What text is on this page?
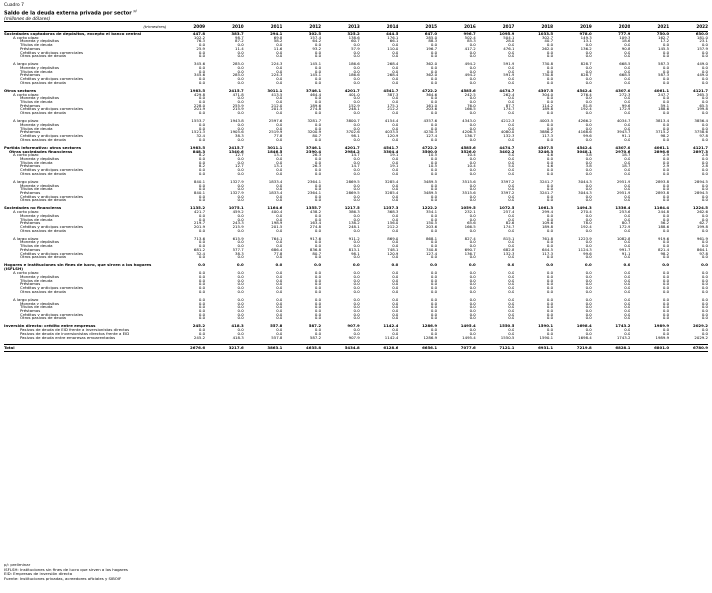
Cuadro 7
Saldo de la deuda externa privada por sector $^{p/}$
(millones de dólares)
(trimestres)	2009	2010	2011	2012	2013	2014	2015	2016	2017	2018	2019	2020	2021	2022
Sociedades captadoras de depósitos, excepto el banco central	447.8	383.7	294.1	302.5	325.2	444.5	647.0	996.7	1095.9	1033.5	978.0	777.9	750.0	630.0
A corto plazo	102.2	98.7	69.8	157.4	138.6	176.1	285.0	502.4	504.1	302.7	149.3	109.3	162.7	181.0
Moneda y depósitos	76.3	87.2	58.2	64.2	60.7	66.1	88.3	85.3	28.0	40.7	13.1	18.6	17.2	23.1
Títulos de deuda	0.0	0.0	0.0	0.0	0.0	0.0	0.0	0.0	0.0	0.0	0.0	0.0	0.0	0.0
Préstamos	25.9	11.4	11.6	93.2	57.9	110.0	196.7	417.2	476.1	262.0	136.2	90.8	145.5	157.9
Créditos y anticipos comerciales	0.0	0.0	0.0	0.0	0.0	0.0	0.0	0.0	0.0	0.0	0.0	0.0	0.0	0.0
Otros pasivos de deuda	0.0	0.0	0.0	0.0	0.0	0.0	0.0	0.0	0.0	0.0	0.0	0.0	0.0	0.0

A largo plazo	345.6	285.0	224.3	145.1	186.6	268.4	362.0	494.2	591.9	730.8	828.7	668.5	587.3	449.0
Moneda y depósitos	0.0	0.0	0.0	0.0	0.0	0.0	0.0	0.0	0.0	0.0	0.0	0.0	0.0	0.0
Títulos de deuda	0.0	0.0	0.0	0.0	0.0	0.0	0.0	0.0	0.0	0.0	0.0	0.0	0.0	0.0
Préstamos	345.6	285.0	224.3	145.1	186.6	268.4	362.0	494.2	591.9	730.8	828.7	668.5	587.3	449.0
Créditos y anticipos comerciales	0.0	0.0	0.0	0.0	0.0	0.0	0.0	0.0	0.0	0.0	0.0	0.0	0.0	0.0
Otros pasivos de deuda	0.0	0.0	0.0	0.0	0.0	0.0	0.0	0.0	0.0	0.0	0.0	0.0	0.0	0.0

Otros sectores	1983.5	2415.7	3011.1	3746.1	4201.7	4541.7	4722.2	4585.6	4474.7	4307.5	4542.4	4307.0	4061.1	4121.7
A corto plazo	429.8	471.8	413.5	464.4	401.0	387.3	364.6	242.5	262.4	304.0	276.4	272.3	247.7	265.3
Moneda y depósitos	0.0	0.0	0.0	0.0	0.0	0.0	0.0	0.0	0.0	0.0	0.0	0.0	0.0	0.0
Títulos de deuda	0.0	0.0	0.0	0.0	0.0	0.0	0.0	0.0	0.0	0.0	0.0	0.0	0.0	0.0
Préstamos	228.0	255.9	212.0	189.6	152.9	175.1	161.0	76.0	87.7	114.2	81.8	99.6	59.1	65.5
Créditos y anticipos comerciales	201.9	215.9	201.5	274.8	248.1	212.2	203.6	166.5	174.7	189.8	192.4	172.9	188.6	199.8
Otros pasivos de deuda	0.0	0.0	0.0	0.0	0.0	0.0	0.0	0.0	0.0	0.0	0.0	0.0	0.0	0.0

A largo plazo	1553.7	1943.8	2597.6	3281.7	3800.7	4154.4	4357.6	4343.0	4212.3	4003.5	4266.2	4034.7	3813.4	3856.4
Moneda y depósitos	0.0	0.0	0.0	0.0	0.0	0.0	0.0	0.0	0.0	0.0	0.0	0.0	0.0	0.0
Títulos de deuda	0.0	0.0	0.0	0.0	0.0	0.0	0.0	0.0	0.0	0.0	0.0	0.0	0.0	0.0
Préstamos	1521.3	1905.6	2519.9	3200.9	3702.6	4033.5	4230.3	4206.3	4080.0	3886.2	4168.6	3943.7	3715.2	3758.6
Créditos y anticipos comerciales	32.4	38.3	77.8	80.7	98.1	120.9	127.4	136.7	132.3	117.3	99.6	91.1	98.2	97.8
Otros pasivos de deuda	0.0	0.0	0.0	0.0	0.0	0.0	0.0	0.0	0.0	0.0	0.0	0.0	0.0	0.0

Partida informativa: otros sectores	1983.5	2415.7	3011.1	3746.1	4201.7	4541.7	4722.2	4585.6	4474.7	4307.5	4542.4	4307.0	4061.1	4121.7
Otras sociedades financieras	848.3	1340.6	1846.5	2390.4	2984.2	3304.4	3500.0	3526.0	3402.2	3246.3	3048.1	2970.6	2896.6	2897.3
A corto plazo	8.2	12.7	13.1	26.3	14.7	19.1	10.5	10.4	5.0	4.6	3.8	18.7	2.9	2.8
Moneda y depósitos	0.0	0.0	0.0	0.0	0.0	0.0	0.0	0.0	0.0	0.0	0.0	0.0	0.0	0.0
Títulos de deuda	0.0	0.0	0.0	0.0	0.0	0.0	0.0	0.0	0.0	0.0	0.0	0.0	0.0	0.0
Préstamos	8.2	12.7	13.1	26.3	14.7	19.1	10.5	10.4	5.0	4.6	3.8	18.7	2.9	2.8
Créditos y anticipos comerciales	0.0	0.0	0.0	0.0	0.0	0.0	0.0	0.0	0.0	0.0	0.0	0.0	0.0	0.0
Otros pasivos de deuda	0.0	0.0	0.0	0.0	0.0	0.0	0.0	0.0	0.0	0.0	0.0	0.0	0.0	0.0

A largo plazo	840.1	1327.9	1833.4	2364.1	2869.5	3285.4	3489.5	3515.6	3397.2	3241.7	3044.3	2951.9	2893.8	2894.5
Moneda y depósitos	0.0	0.0	0.0	0.0	0.0	0.0	0.0	0.0	0.0	0.0	0.0	0.0	0.0	0.0
Títulos de deuda	0.0	0.0	0.0	0.0	0.0	0.0	0.0	0.0	0.0	0.0	0.0	0.0	0.0	0.0
Préstamos	840.1	1327.9	1833.4	2364.1	2869.5	3285.4	3489.5	3515.6	3397.2	3241.7	3044.3	2951.9	2893.8	2894.5
Créditos y anticipos comerciales	0.0	0.0	0.0	0.0	0.0	0.0	0.0	0.0	0.0	0.0	0.0	0.0	0.0	0.0
Otros pasivos de deuda	0.0	0.0	0.0	0.0	0.0	0.0	0.0	0.0	0.0	0.0	0.0	0.0	0.0	0.0

Sociedades no financieras	1135.2	1075.1	1164.6	1355.7	1217.5	1237.3	1222.2	1059.5	1072.5	1061.3	1494.3	1336.4	1164.4	1224.5
A corto plazo	421.7	459.2	400.4	438.2	386.3	368.3	354.1	232.1	257.4	299.4	270.4	253.6	244.8	262.6
Moneda y depósitos	0.0	0.0	0.0	0.0	0.0	0.0	0.0	0.0	0.0	0.0	0.0	0.0	0.0	0.0
Títulos de deuda	0.0	0.0	0.0	0.0	0.0	0.0	0.0	0.0	0.0	0.0	0.0	0.0	0.0	0.0
Préstamos	219.7	243.3	198.9	163.4	138.2	156.0	150.5	65.6	82.6	109.6	78.0	80.7	56.2	62.7
Créditos y anticipos comerciales	201.9	215.9	201.5	274.8	248.1	212.2	203.6	166.5	174.7	189.8	192.4	172.9	188.6	199.8
Otros pasivos de deuda	0.0	0.0	0.0	0.0	0.0	0.0	0.0	0.0	0.0	0.0	0.0	0.0	0.0	0.0

A largo plazo	713.6	615.9	764.1	917.6	911.2	869.0	868.1	827.4	815.1	761.8	1223.9	1082.8	919.6	961.9
Moneda y depósitos	0.0	0.0	0.0	0.0	0.0	0.0	0.0	0.0	0.0	0.0	0.0	0.0	0.0	0.0
Títulos de deuda	0.0	0.0	0.0	0.0	0.0	0.0	0.0	0.0	0.0	0.0	0.0	0.0	0.0	0.0
Préstamos	681.2	577.7	686.4	836.8	813.1	748.1	740.8	690.7	682.8	644.5	1124.3	991.7	821.4	864.1
Créditos y anticipos comerciales	32.4	38.3	77.8	80.7	98.1	120.9	127.4	136.7	132.3	117.3	99.6	91.1	98.2	97.8
Otros pasivos de deuda	0.0	0.0	0.0	0.0	0.0	0.0	0.0	0.0	0.0	0.0	0.0	0.0	0.0	0.0

Hogares e instituciones sin fines de lucro, que sirven a los hogares (ISFLSH)	0.0	0.0	0.0	0.0	0.0	0.0	0.0	0.0	0.0	0.0	0.0	0.0	0.0	0.0
A corto plazo	0.0	0.0	0.0	0.0	0.0	0.0	0.0	0.0	0.0	0.0	0.0	0.0	0.0	0.0
Moneda y depósitos	0.0	0.0	0.0	0.0	0.0	0.0	0.0	0.0	0.0	0.0	0.0	0.0	0.0	0.0
Títulos de deuda	0.0	0.0	0.0	0.0	0.0	0.0	0.0	0.0	0.0	0.0	0.0	0.0	0.0	0.0
Préstamos	0.0	0.0	0.0	0.0	0.0	0.0	0.0	0.0	0.0	0.0	0.0	0.0	0.0	0.0
Créditos y anticipos comerciales	0.0	0.0	0.0	0.0	0.0	0.0	0.0	0.0	0.0	0.0	0.0	0.0	0.0	0.0
Otros pasivos de deuda	0.0	0.0	0.0	0.0	0.0	0.0	0.0	0.0	0.0	0.0	0.0	0.0	0.0	0.0

A largo plazo	0.0	0.0	0.0	0.0	0.0	0.0	0.0	0.0	0.0	0.0	0.0	0.0	0.0	0.0
Moneda y depósitos	0.0	0.0	0.0	0.0	0.0	0.0	0.0	0.0	0.0	0.0	0.0	0.0	0.0	0.0
Títulos de deuda	0.0	0.0	0.0	0.0	0.0	0.0	0.0	0.0	0.0	0.0	0.0	0.0	0.0	0.0
Préstamos	0.0	0.0	0.0	0.0	0.0	0.0	0.0	0.0	0.0	0.0	0.0	0.0	0.0	0.0
Créditos y anticipos comerciales	0.0	0.0	0.0	0.0	0.0	0.0	0.0	0.0	0.0	0.0	0.0	0.0	0.0	0.0
Otros pasivos de deuda	0.0	0.0	0.0	0.0	0.0	0.0	0.0	0.0	0.0	0.0	0.0	0.0	0.0	0.0

Inversión directa: crédito entre empresas	245.2	418.3	557.8	587.2	907.9	1142.4	1286.9	1495.4	1550.5	1590.1	1698.4	1743.2	1989.9	2029.2
Pasivos de deuda de EID frente a inversionistas directos	0.0	0.0	0.0	0.0	0.0	0.0	0.0	0.0	0.0	0.0	0.0	0.0	0.0	0.0
Pasivos de deuda de inversionistas directos frente a EID	0.0	0.0	0.0	0.0	0.0	0.0	0.0	0.0	0.0	0.0	0.0	0.0	0.0	0.0
Pasivos de deuda entre empresas emparentadas	245.2	418.3	557.8	587.2	907.9	1142.4	1286.9	1495.4	1550.5	1590.1	1698.4	1743.2	1989.9	2029.2

Total	2676.6	3217.6	3863.1	4635.8	5434.8	6128.6	6656.1	7077.6	7121.1	6931.1	7219.8	6828.1	6801.0	6780.9
p/: preliminar
ISFLSH: Instituciones sin fines de lucro que sirven a los hogares
EID: Empresas de inversión directa
Fuente: Instituciones privadas, acreedores oficiales y SIBOIF
